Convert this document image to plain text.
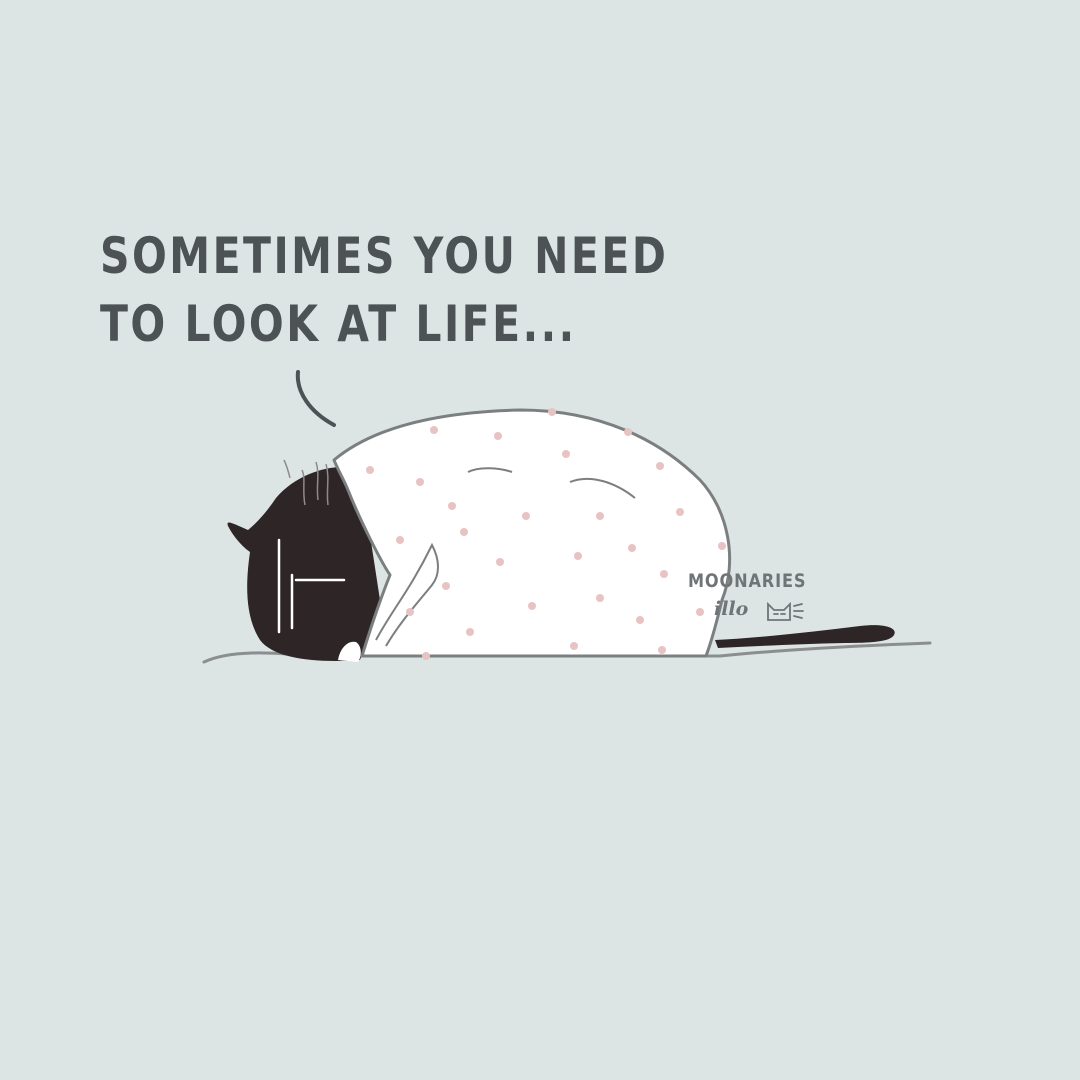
SOMETIMES YOU NEED
TO LOOK AT LIFE...
MOONARIES
illo
